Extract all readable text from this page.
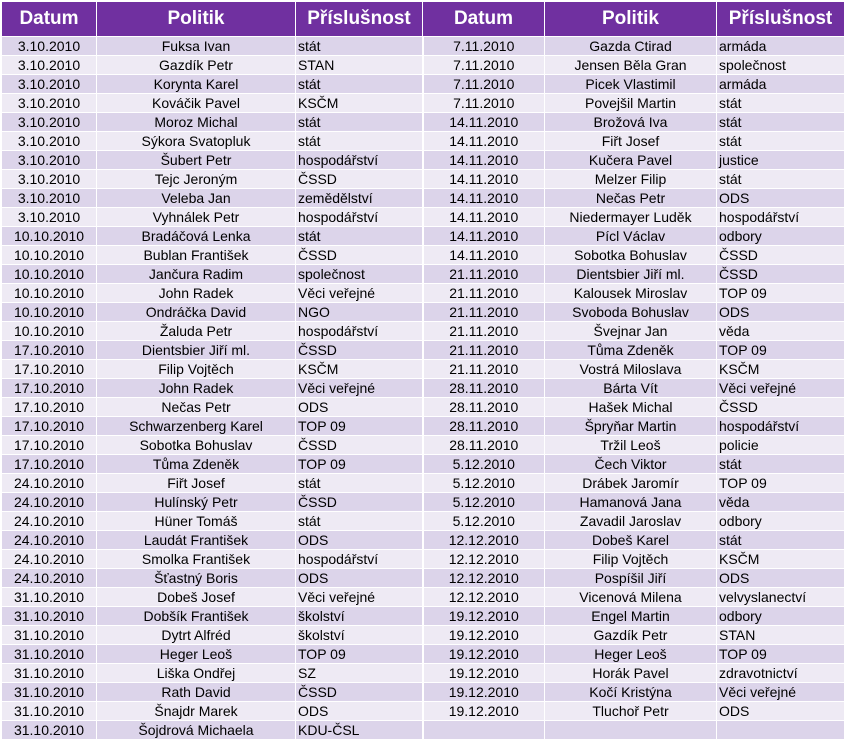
Datum	Politik	Příslušnost	Datum	Politik	Příslušnost
3.10.2010	Fuksa Ivan	stát	7.11.2010	Gazda Ctirad	armáda
3.10.2010	Gazdík Petr	STAN	7.11.2010	Jensen Běla Gran	společnost
3.10.2010	Korynta Karel	stát	7.11.2010	Picek Vlastimil	armáda
3.10.2010	Kováčik Pavel	KSČM	7.11.2010	Povejšil Martin	stát
3.10.2010	Moroz Michal	stát	14.11.2010	Brožová Iva	stát
3.10.2010	Sýkora Svatopluk	stát	14.11.2010	Fiřt Josef	stát
3.10.2010	Šubert Petr	hospodářství	14.11.2010	Kučera Pavel	justice
3.10.2010	Tejc Jeroným	ČSSD	14.11.2010	Melzer Filip	stát
3.10.2010	Veleba Jan	zemědělství	14.11.2010	Nečas Petr	ODS
3.10.2010	Vyhnálek Petr	hospodářství	14.11.2010	Niedermayer Luděk	hospodářství
10.10.2010	Bradáčová Lenka	stát	14.11.2010	Pícl Václav	odbory
10.10.2010	Bublan František	ČSSD	14.11.2010	Sobotka Bohuslav	ČSSD
10.10.2010	Jančura Radim	společnost	21.11.2010	Dientsbier Jiří ml.	ČSSD
10.10.2010	John Radek	Věci veřejné	21.11.2010	Kalousek Miroslav	TOP 09
10.10.2010	Ondráčka David	NGO	21.11.2010	Svoboda Bohuslav	ODS
10.10.2010	Žaluda Petr	hospodářství	21.11.2010	Švejnar Jan	věda
17.10.2010	Dientsbier Jiří ml.	ČSSD	21.11.2010	Tůma Zdeněk	TOP 09
17.10.2010	Filip Vojtěch	KSČM	21.11.2010	Vostrá Miloslava	KSČM
17.10.2010	John Radek	Věci veřejné	28.11.2010	Bárta Vít	Věci veřejné
17.10.2010	Nečas Petr	ODS	28.11.2010	Hašek Michal	ČSSD
17.10.2010	Schwarzenberg Karel	TOP 09	28.11.2010	Špryňar Martin	hospodářství
17.10.2010	Sobotka Bohuslav	ČSSD	28.11.2010	Tržil Leoš	policie
17.10.2010	Tůma Zdeněk	TOP 09	5.12.2010	Čech Viktor	stát
24.10.2010	Fiřt Josef	stát	5.12.2010	Drábek Jaromír	TOP 09
24.10.2010	Hulínský Petr	ČSSD	5.12.2010	Hamanová Jana	věda
24.10.2010	Hüner Tomáš	stát	5.12.2010	Zavadil Jaroslav	odbory
24.10.2010	Laudát František	ODS	12.12.2010	Dobeš Karel	stát
24.10.2010	Smolka František	hospodářství	12.12.2010	Filip Vojtěch	KSČM
24.10.2010	Šťastný Boris	ODS	12.12.2010	Pospíšil Jiří	ODS
31.10.2010	Dobeš Josef	Věci veřejné	12.12.2010	Vicenová Milena	velvyslanectví
31.10.2010	Dobšík František	školství	19.12.2010	Engel Martin	odbory
31.10.2010	Dytrt Alfréd	školství	19.12.2010	Gazdík Petr	STAN
31.10.2010	Heger Leoš	TOP 09	19.12.2010	Heger Leoš	TOP 09
31.10.2010	Liška Ondřej	SZ	19.12.2010	Horák Pavel	zdravotnictví
31.10.2010	Rath David	ČSSD	19.12.2010	Kočí Kristýna	Věci veřejné
31.10.2010	Šnajdr Marek	ODS	19.12.2010	Tluchoř Petr	ODS
31.10.2010	Šojdrová Michaela	KDU-ČSL			
